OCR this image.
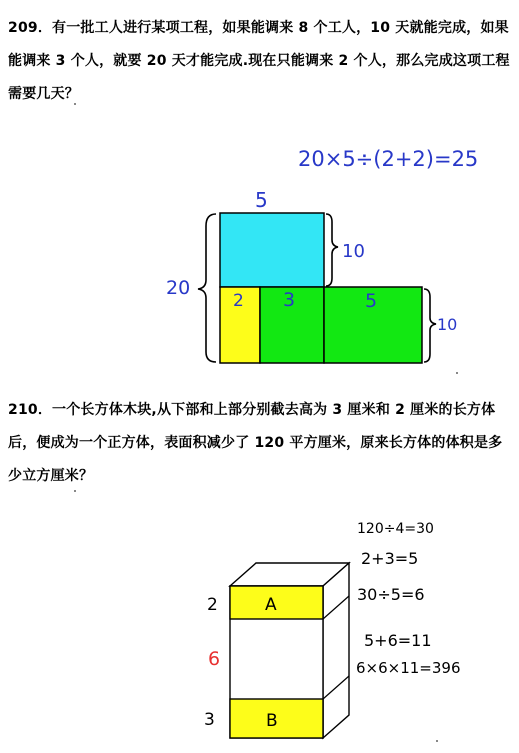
209．有一批工人进行某项工程，如果能调来 8 个工人，10 天就能完成，如果能调来 3 个人，就要 20 天才能完成.现在只能调来 2 个人，那么完成这项工程需要几天？

20×5÷(2+2)=25
5
10
20
10
2 3	5
A
B
2
6
3
120÷4=30
2+3=5
30÷5=6
5+6=11
6×6×11=396

210．一个长方体木块,从下部和上部分别截去高为 3 厘米和 2 厘米的长方体后，便成为一个正方体，表面积减少了 120 平方厘米，原来长方体的体积是多少立方厘米？
